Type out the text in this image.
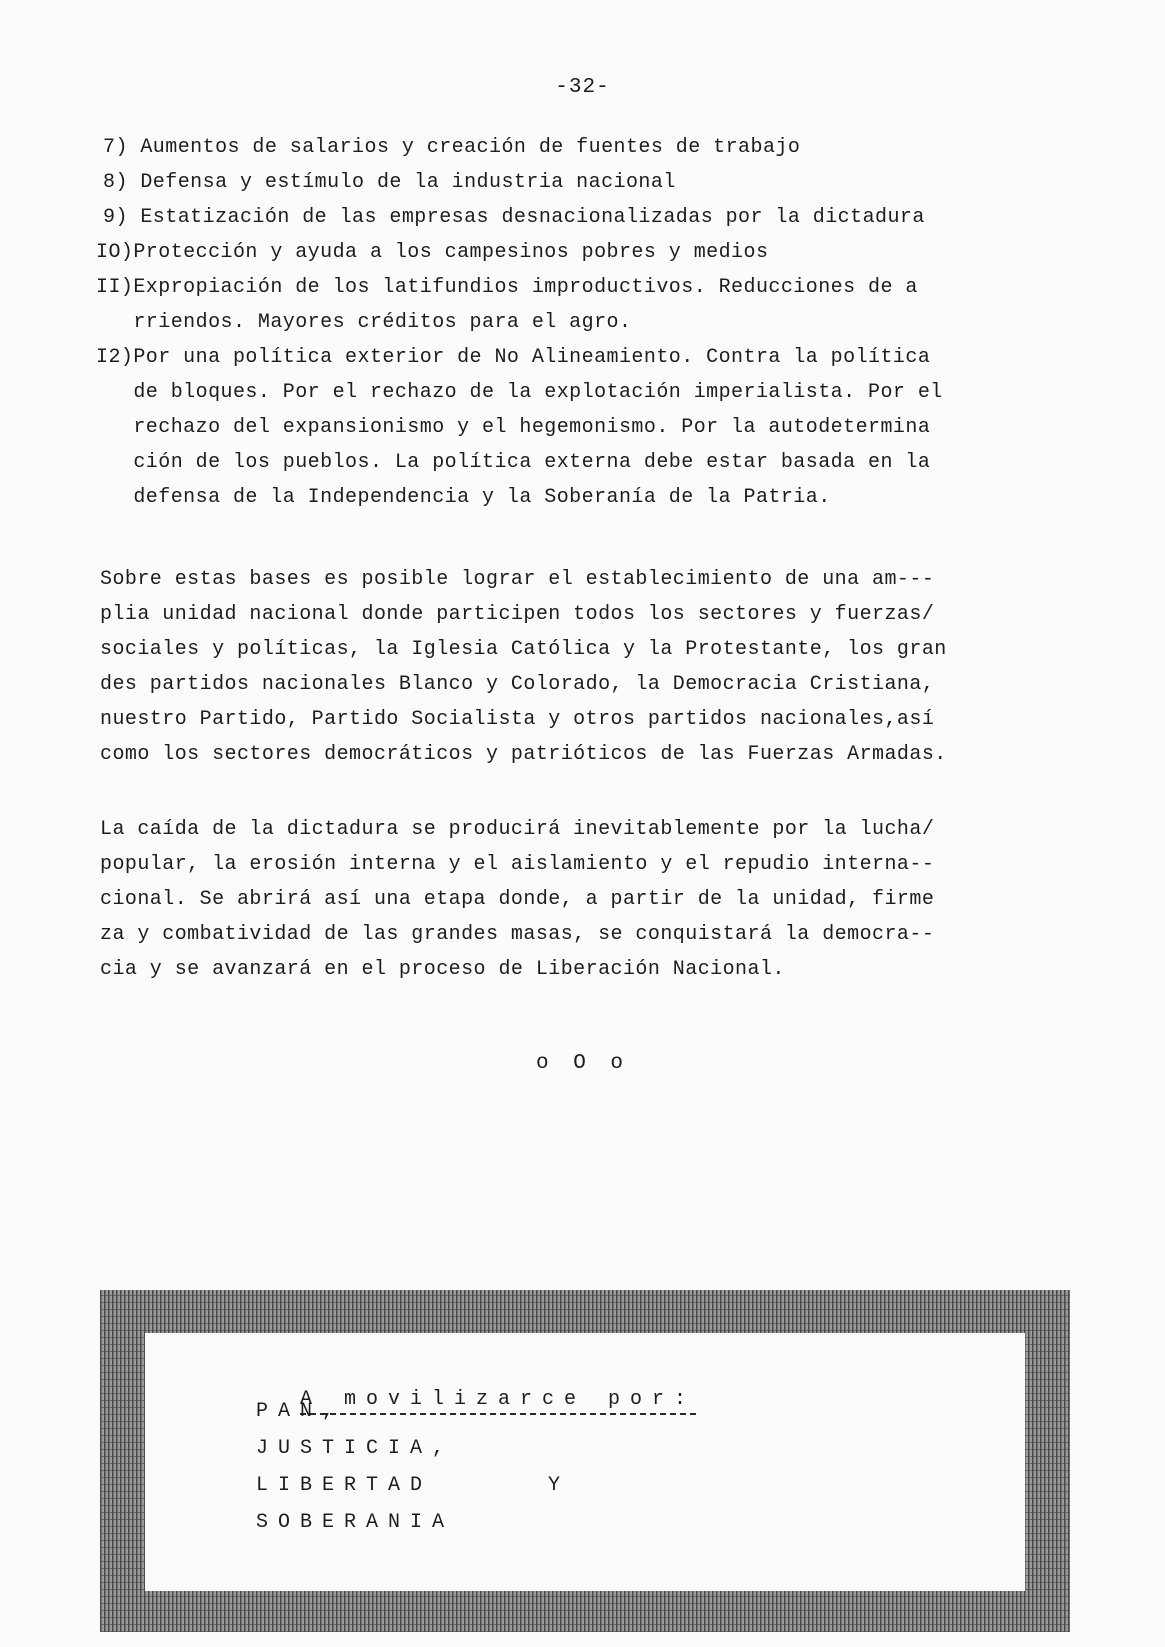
-32-
7) Aumentos de salarios y creación de fuentes de trabajo
8) Defensa y estímulo de la industria nacional
9) Estatización de las empresas desnacionalizadas por la dictadura
IO)Protección y ayuda a los campesinos pobres y medios
II)Expropiación de los latifundios improductivos. Reducciones de a
rriendos. Mayores créditos para el agro.
I2)Por una política exterior de No Alineamiento. Contra la política
de bloques. Por el rechazo de la explotación imperialista. Por el
rechazo del expansionismo y el hegemonismo. Por la autodetermina
ción de los pueblos. La política externa debe estar basada en la
defensa de la Independencia y la Soberanía de la Patria.
Sobre estas bases es posible lograr el establecimiento de una am---
plia unidad nacional donde participen todos los sectores y fuerzas/
sociales y políticas, la Iglesia Católica y la Protestante, los gran
des partidos nacionales Blanco y Colorado, la Democracia Cristiana,
nuestro Partido, Partido Socialista y otros partidos nacionales,así
como los sectores democráticos y patrióticos de las Fuerzas Armadas.
La caída de la dictadura se producirá inevitablemente por la lucha/
popular, la erosión interna y el aislamiento y el repudio interna--
cional. Se abrirá así una etapa donde, a partir de la unidad, firme
za y combatividad de las grandes masas, se conquistará la democra--
cia y se avanzará en el proceso de Liberación Nacional.
o O o

A movilizarce por:

PAN,
JUSTICIA,
LIBERTAD	Y
SOBERANIA
